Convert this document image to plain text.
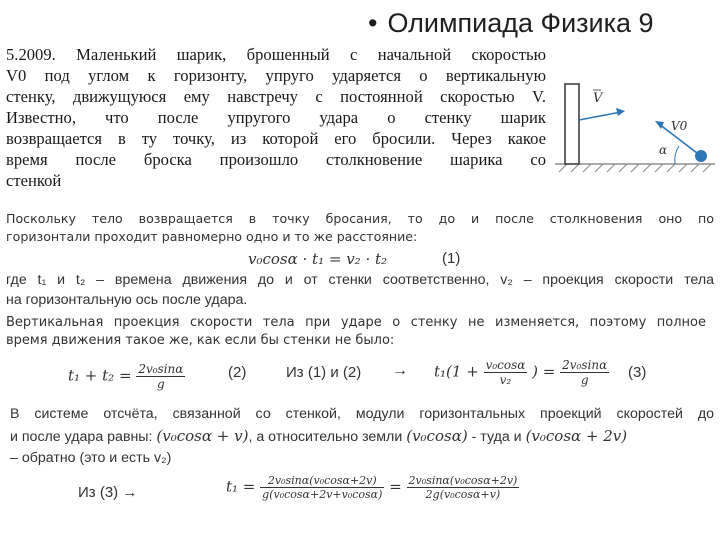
• Олимпиада Физика 9
5.2009. Маленький шарик, брошенный с начальной скоростью
V0 под углом к горизонту, упруго ударяется о вертикальную
стенку, движущуюся ему навстречу с постоянной скоростью V.
Известно, что после упругого удара о стенку шарик
возвращается в ту точку, из которой его бросили. Через какое
время после броска произошло столкновение шарика со
стенкой
V
V0
α
Поскольку тело возвращается в точку бросания, то до и после столкновения оно по
горизонтали проходит равномерно одно и то же расстояние:
v₀cosα · t₁ = v₂ · t₂	(1)
где t₁ и t₂ – времена движения до и от стенки соответственно, v₂ – проекция скорости тела
на горизонтальную ось после удара.
Вертикальная проекция скорости тела при ударе о стенку не изменяется, поэтому полное
время движения такое же, как если бы стенки не было:
$t_1 + t_2 = \frac{\text{2v₀sinα}}{g}$	(2)	Из (1) и $(2) \to t_1(1 + \frac{\text{v₀cosα}}{\text{v₂}}$ ) = $\frac{\text{2v₀sinα}}{g} (3)$
В системе отсчёта, связанной со стенкой, модули горизонтальных проекций скоростей до
и после удара равны: (v₀cosα + v), а относительно земли (v₀cosα) - туда и (v₀cosα + 2v)
– обратно (это и есть v₂)
Из (3) →	$t_1 = \frac{\text{2v₀sinα(v₀cosα+2v)}}{\text{g(v₀cosα+2v+v₀cosα)}} = \frac{\text{2v₀sinα(v₀cosα+2v)}}{\text{2g(v₀cosα+v)}}$
